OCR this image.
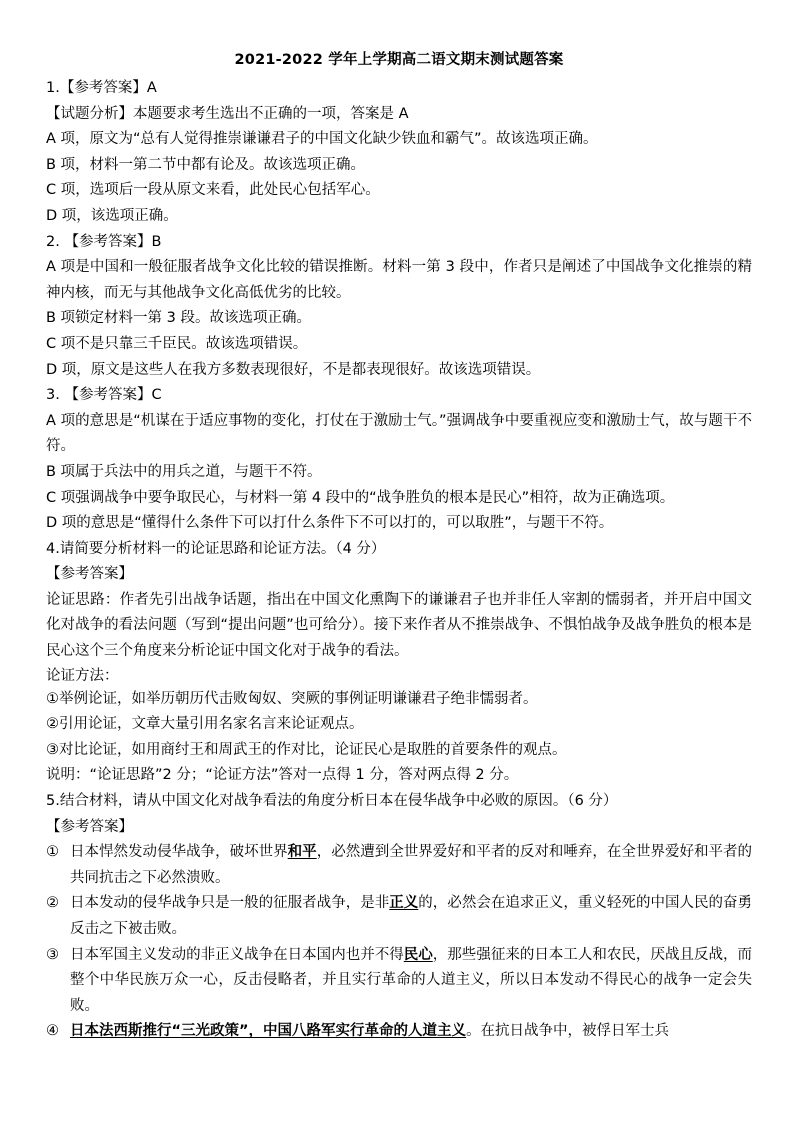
2021-2022 学年上学期高二语文期末测试题答案
1.【参考答案】A
【试题分析】本题要求考生选出不正确的一项，答案是 A
A 项，原文为“总有人觉得推崇谦谦君子的中国文化缺少铁血和霸气”。故该选项正确。
B 项，材料一第二节中都有论及。故该选项正确。
C 项，选项后一段从原文来看，此处民心包括军心。
D 项，该选项正确。
2. 【参考答案】B
A 项是中国和一般征服者战争文化比较的错误推断。材料一第 3 段中，作者只是阐述了中国战争文化推崇的精神内核，而无与其他战争文化高低优劣的比较。
B 项锁定材料一第 3 段。故该选项正确。
C 项不是只靠三千臣民。故该选项错误。
D 项，原文是这些人在我方多数表现很好，不是都表现很好。故该选项错误。
3. 【参考答案】C
A 项的意思是“机谋在于适应事物的变化，打仗在于激励士气。”强调战争中要重视应变和激励士气，故与题干不符。
B 项属于兵法中的用兵之道，与题干不符。
C 项强调战争中要争取民心，与材料一第 4 段中的“战争胜负的根本是民心”相符，故为正确选项。
D 项的意思是“懂得什么条件下可以打什么条件下不可以打的，可以取胜”，与题干不符。
4.请简要分析材料一的论证思路和论证方法。（4 分）
【参考答案】
论证思路：作者先引出战争话题，指出在中国文化熏陶下的谦谦君子也并非任人宰割的懦弱者，并开启中国文化对战争的看法问题（写到“提出问题”也可给分）。接下来作者从不推崇战争、不惧怕战争及战争胜负的根本是民心这个三个角度来分析论证中国文化对于战争的看法。
论证方法：
①举例论证，如举历朝历代击败匈奴、突厥的事例证明谦谦君子绝非懦弱者。
②引用论证，文章大量引用名家名言来论证观点。
③对比论证，如用商纣王和周武王的作对比，论证民心是取胜的首要条件的观点。
说明：“论证思路”2 分；“论证方法”答对一点得 1 分，答对两点得 2 分。
5.结合材料，请从中国文化对战争看法的角度分析日本在侵华战争中必败的原因。（6 分）
【参考答案】
① 日本悍然发动侵华战争，破坏世界和平，必然遭到全世界爱好和平者的反对和唾弃，在全世界爱好和平者的共同抗击之下必然溃败。
② 日本发动的侵华战争只是一般的征服者战争，是非正义的，必然会在追求正义，重义轻死的中国人民的奋勇反击之下被击败。
③ 日本军国主义发动的非正义战争在日本国内也并不得民心，那些强征来的日本工人和农民，厌战且反战，而整个中华民族万众一心，反击侵略者，并且实行革命的人道主义，所以日本发动不得民心的战争一定会失败。
④ 日本法西斯推行“三光政策”，中国八路军实行革命的人道主义。在抗日战争中，被俘日军士兵
